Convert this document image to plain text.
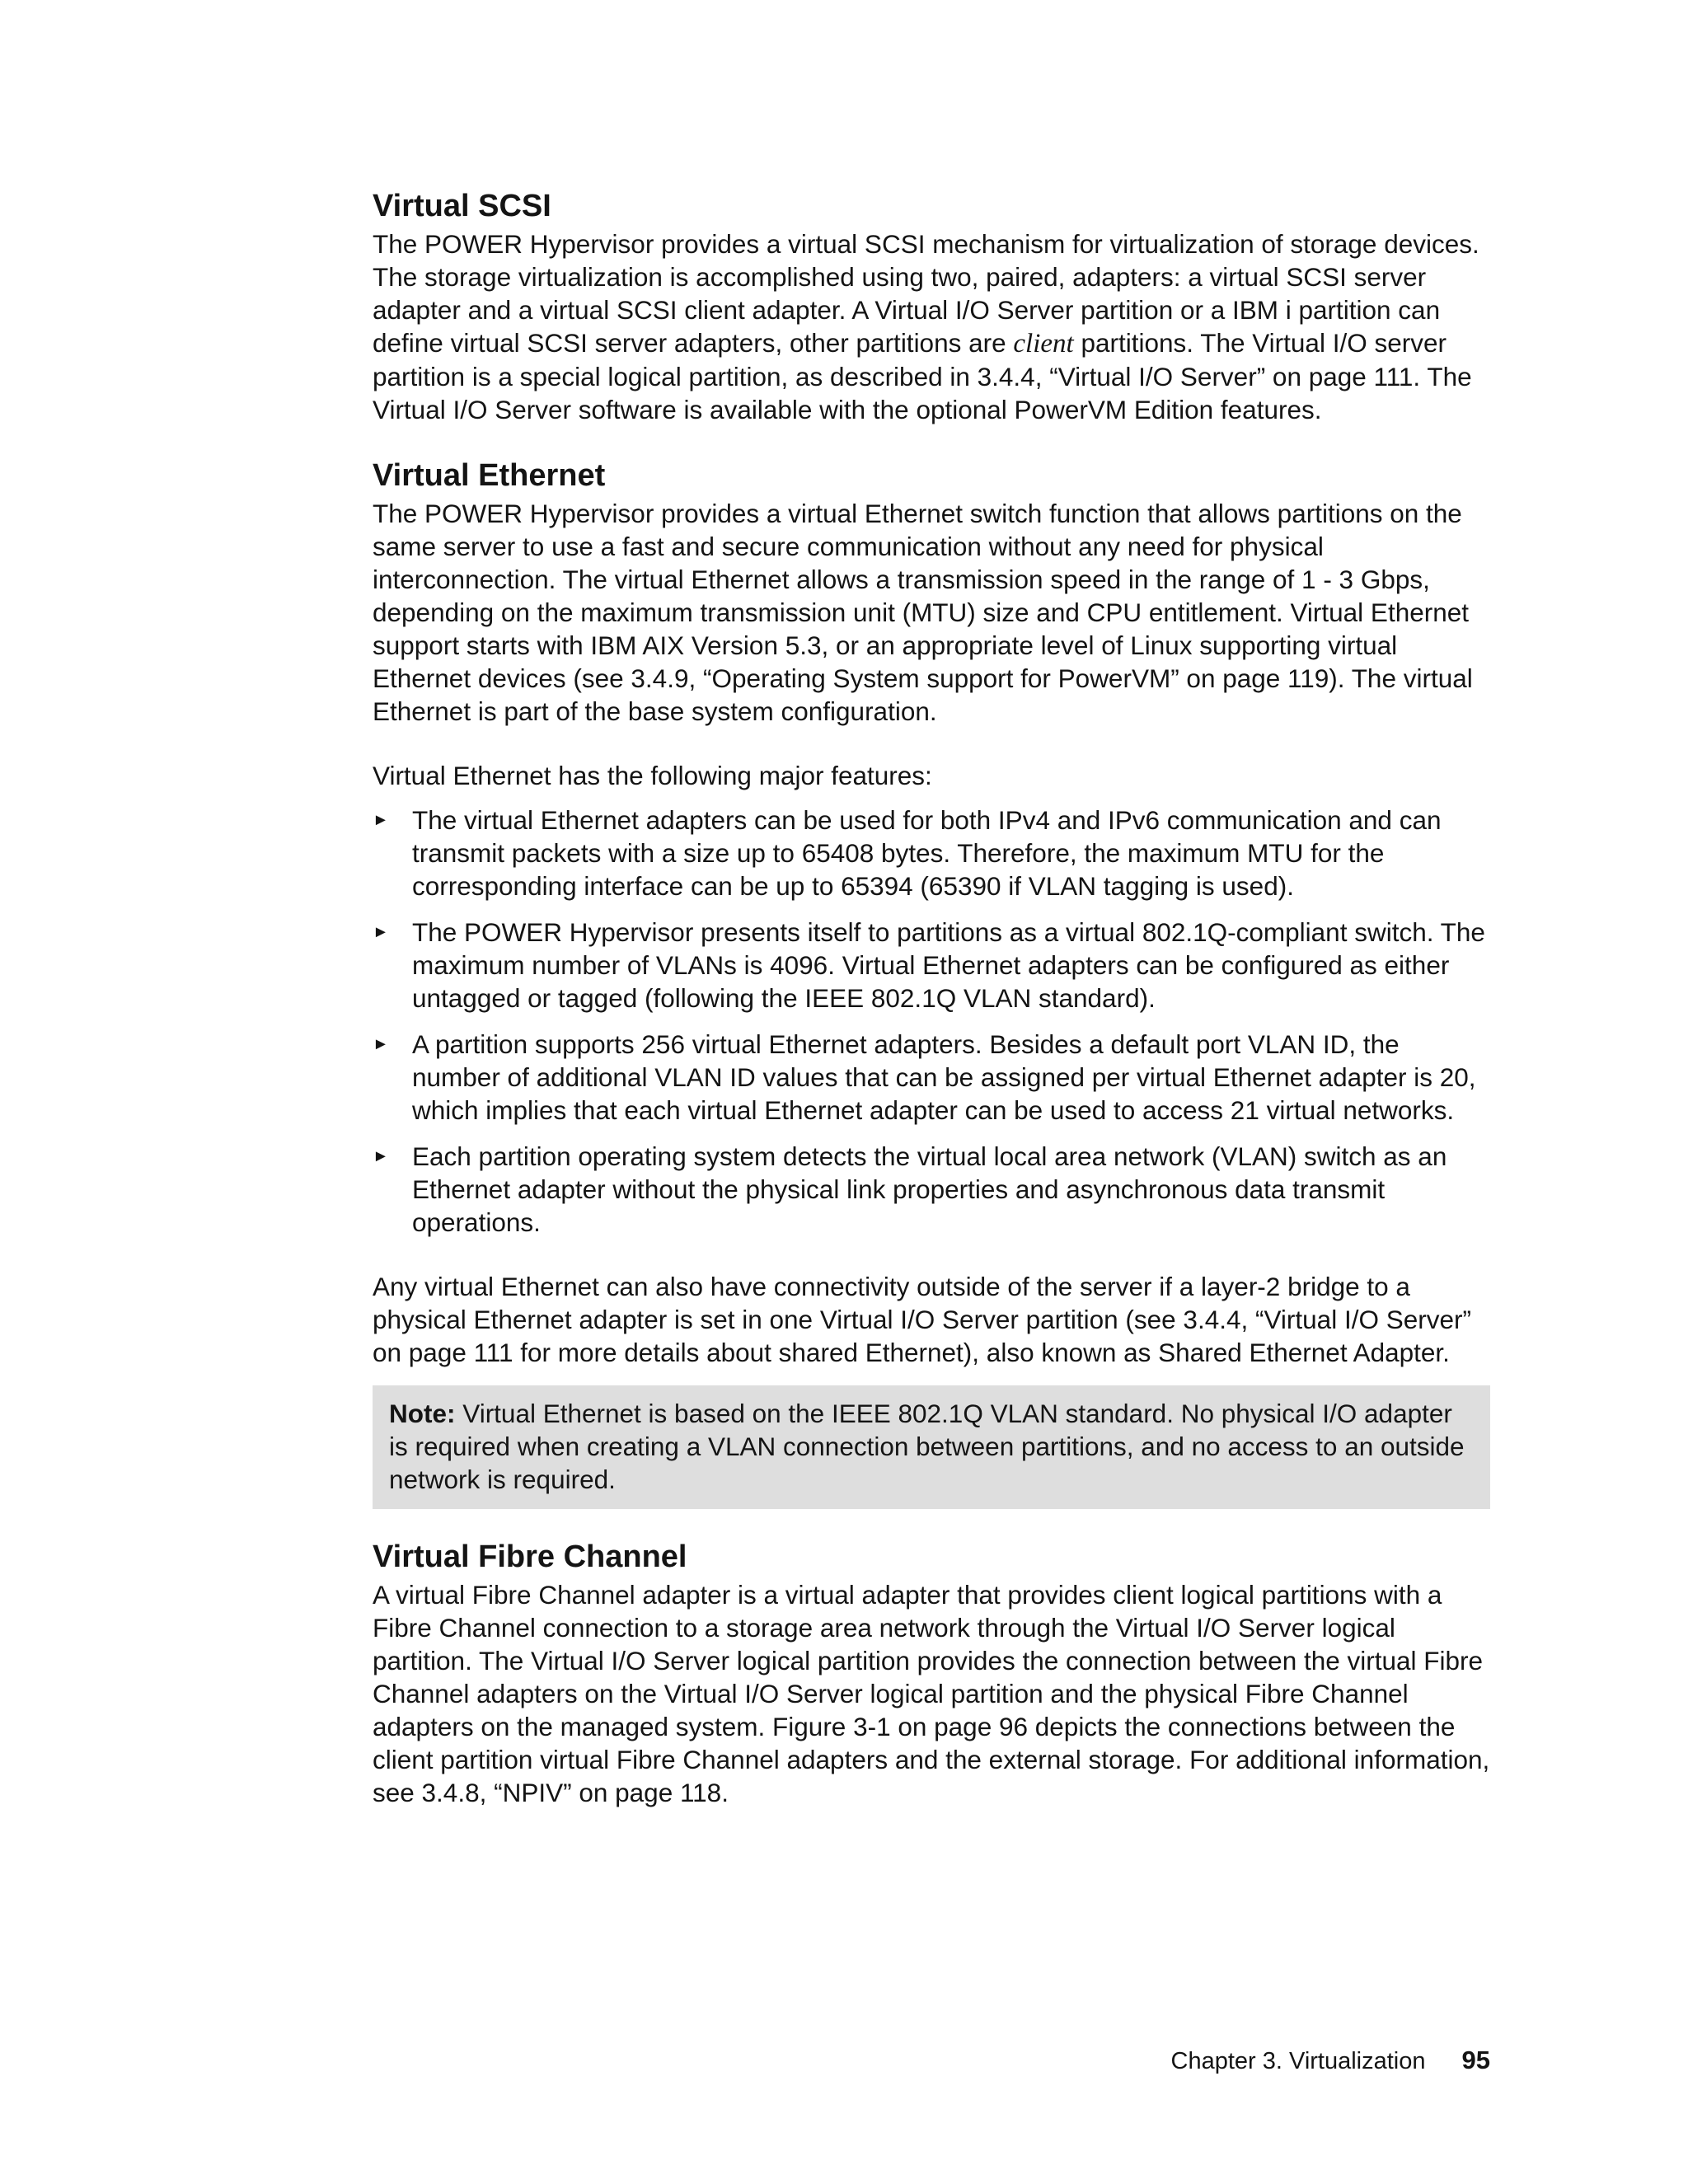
Virtual SCSI

The POWER Hypervisor provides a virtual SCSI mechanism for virtualization of storage devices. The storage virtualization is accomplished using two, paired, adapters: a virtual SCSI server adapter and a virtual SCSI client adapter. A Virtual I/O Server partition or a IBM i partition can define virtual SCSI server adapters, other partitions are client partitions. The Virtual I/O server partition is a special logical partition, as described in 3.4.4, “Virtual I/O Server” on page 111. The Virtual I/O Server software is available with the optional PowerVM Edition features.

Virtual Ethernet

The POWER Hypervisor provides a virtual Ethernet switch function that allows partitions on the same server to use a fast and secure communication without any need for physical interconnection. The virtual Ethernet allows a transmission speed in the range of 1 - 3 Gbps, depending on the maximum transmission unit (MTU) size and CPU entitlement. Virtual Ethernet support starts with IBM AIX Version 5.3, or an appropriate level of Linux supporting virtual Ethernet devices (see 3.4.9, “Operating System support for PowerVM” on page 119). The virtual Ethernet is part of the base system configuration.

Virtual Ethernet has the following major features:

► The virtual Ethernet adapters can be used for both IPv4 and IPv6 communication and can transmit packets with a size up to 65408 bytes. Therefore, the maximum MTU for the corresponding interface can be up to 65394 (65390 if VLAN tagging is used).
► The POWER Hypervisor presents itself to partitions as a virtual 802.1Q-compliant switch. The maximum number of VLANs is 4096. Virtual Ethernet adapters can be configured as either untagged or tagged (following the IEEE 802.1Q VLAN standard).
► A partition supports 256 virtual Ethernet adapters. Besides a default port VLAN ID, the number of additional VLAN ID values that can be assigned per virtual Ethernet adapter is 20, which implies that each virtual Ethernet adapter can be used to access 21 virtual networks.
► Each partition operating system detects the virtual local area network (VLAN) switch as an Ethernet adapter without the physical link properties and asynchronous data transmit operations.

Any virtual Ethernet can also have connectivity outside of the server if a layer-2 bridge to a physical Ethernet adapter is set in one Virtual I/O Server partition (see 3.4.4, “Virtual I/O Server” on page 111 for more details about shared Ethernet), also known as Shared Ethernet Adapter.

Note: Virtual Ethernet is based on the IEEE 802.1Q VLAN standard. No physical I/O adapter is required when creating a VLAN connection between partitions, and no access to an outside network is required.

Virtual Fibre Channel

A virtual Fibre Channel adapter is a virtual adapter that provides client logical partitions with a Fibre Channel connection to a storage area network through the Virtual I/O Server logical partition. The Virtual I/O Server logical partition provides the connection between the virtual Fibre Channel adapters on the Virtual I/O Server logical partition and the physical Fibre Channel adapters on the managed system. Figure 3-1 on page 96 depicts the connections between the client partition virtual Fibre Channel adapters and the external storage. For additional information, see 3.4.8, “NPIV” on page 118.

Chapter 3. Virtualization 95
